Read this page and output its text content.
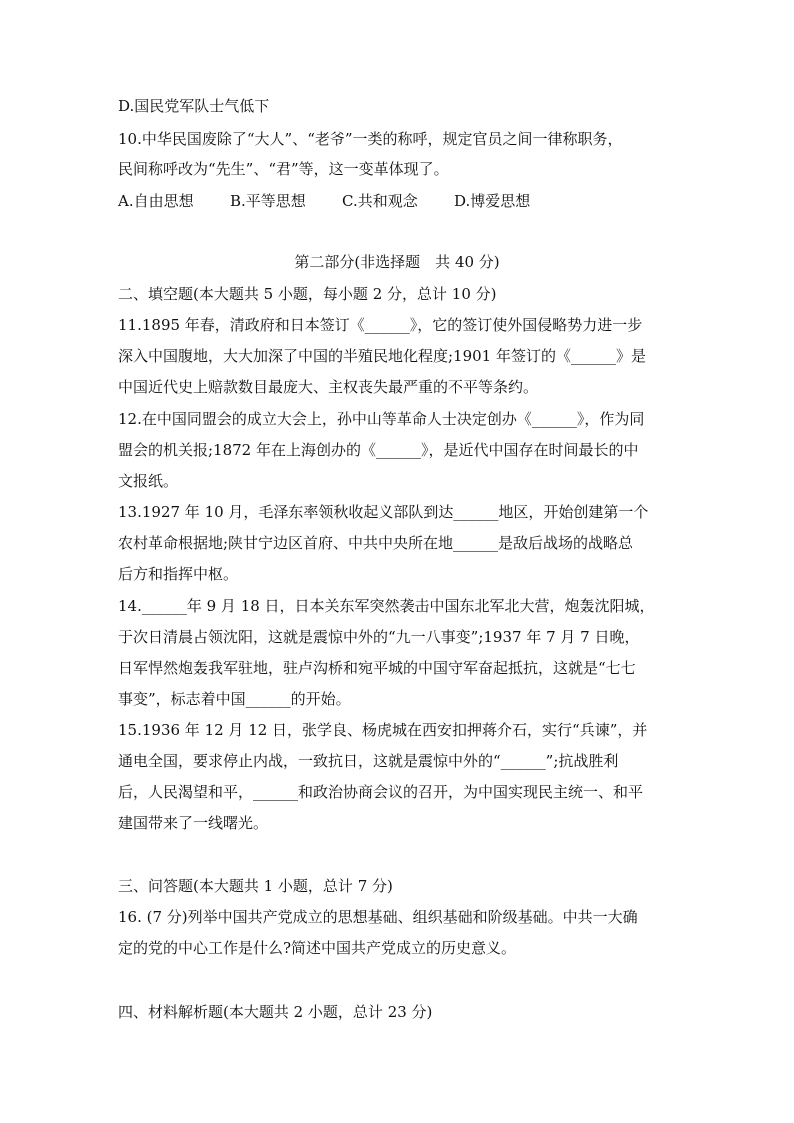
D.国民党军队士气低下
10.中华民国废除了“大人”、“老爷”一类的称呼，规定官员之间一律称职务，
民间称呼改为“先生”、“君”等，这一变革体现了。
A.自由思想 B.平等思想 C.共和观念 D.博爱思想
第二部分(非选择题　共 40 分)
二、填空题(本大题共 5 小题，每小题 2 分，总计 10 分)
11.1895 年春，清政府和日本签订《______》，它的签订使外国侵略势力进一步
深入中国腹地，大大加深了中国的半殖民地化程度;1901 年签订的《______》是
中国近代史上赔款数目最庞大、主权丧失最严重的不平等条约。
12.在中国同盟会的成立大会上，孙中山等革命人士决定创办《______》，作为同
盟会的机关报;1872 年在上海创办的《______》，是近代中国存在时间最长的中
文报纸。
13.1927 年 10 月，毛泽东率领秋收起义部队到达______地区，开始创建第一个
农村革命根据地;陕甘宁边区首府、中共中央所在地______是敌后战场的战略总
后方和指挥中枢。
14.______年 9 月 18 日，日本关东军突然袭击中国东北军北大营，炮轰沈阳城，
于次日清晨占领沈阳，这就是震惊中外的“九一八事变”;1937 年 7 月 7 日晚，
日军悍然炮轰我军驻地，驻卢沟桥和宛平城的中国守军奋起抵抗，这就是“七七
事变”，标志着中国______的开始。
15.1936 年 12 月 12 日，张学良、杨虎城在西安扣押蒋介石，实行“兵谏”，并
通电全国，要求停止内战，一致抗日，这就是震惊中外的“______”;抗战胜利
后，人民渴望和平，______和政治协商会议的召开，为中国实现民主统一、和平
建国带来了一线曙光。
三、问答题(本大题共 1 小题，总计 7 分)
16. (7 分)列举中国共产党成立的思想基础、组织基础和阶级基础。中共一大确
定的党的中心工作是什么?简述中国共产党成立的历史意义。
四、材料解析题(本大题共 2 小题，总计 23 分)
